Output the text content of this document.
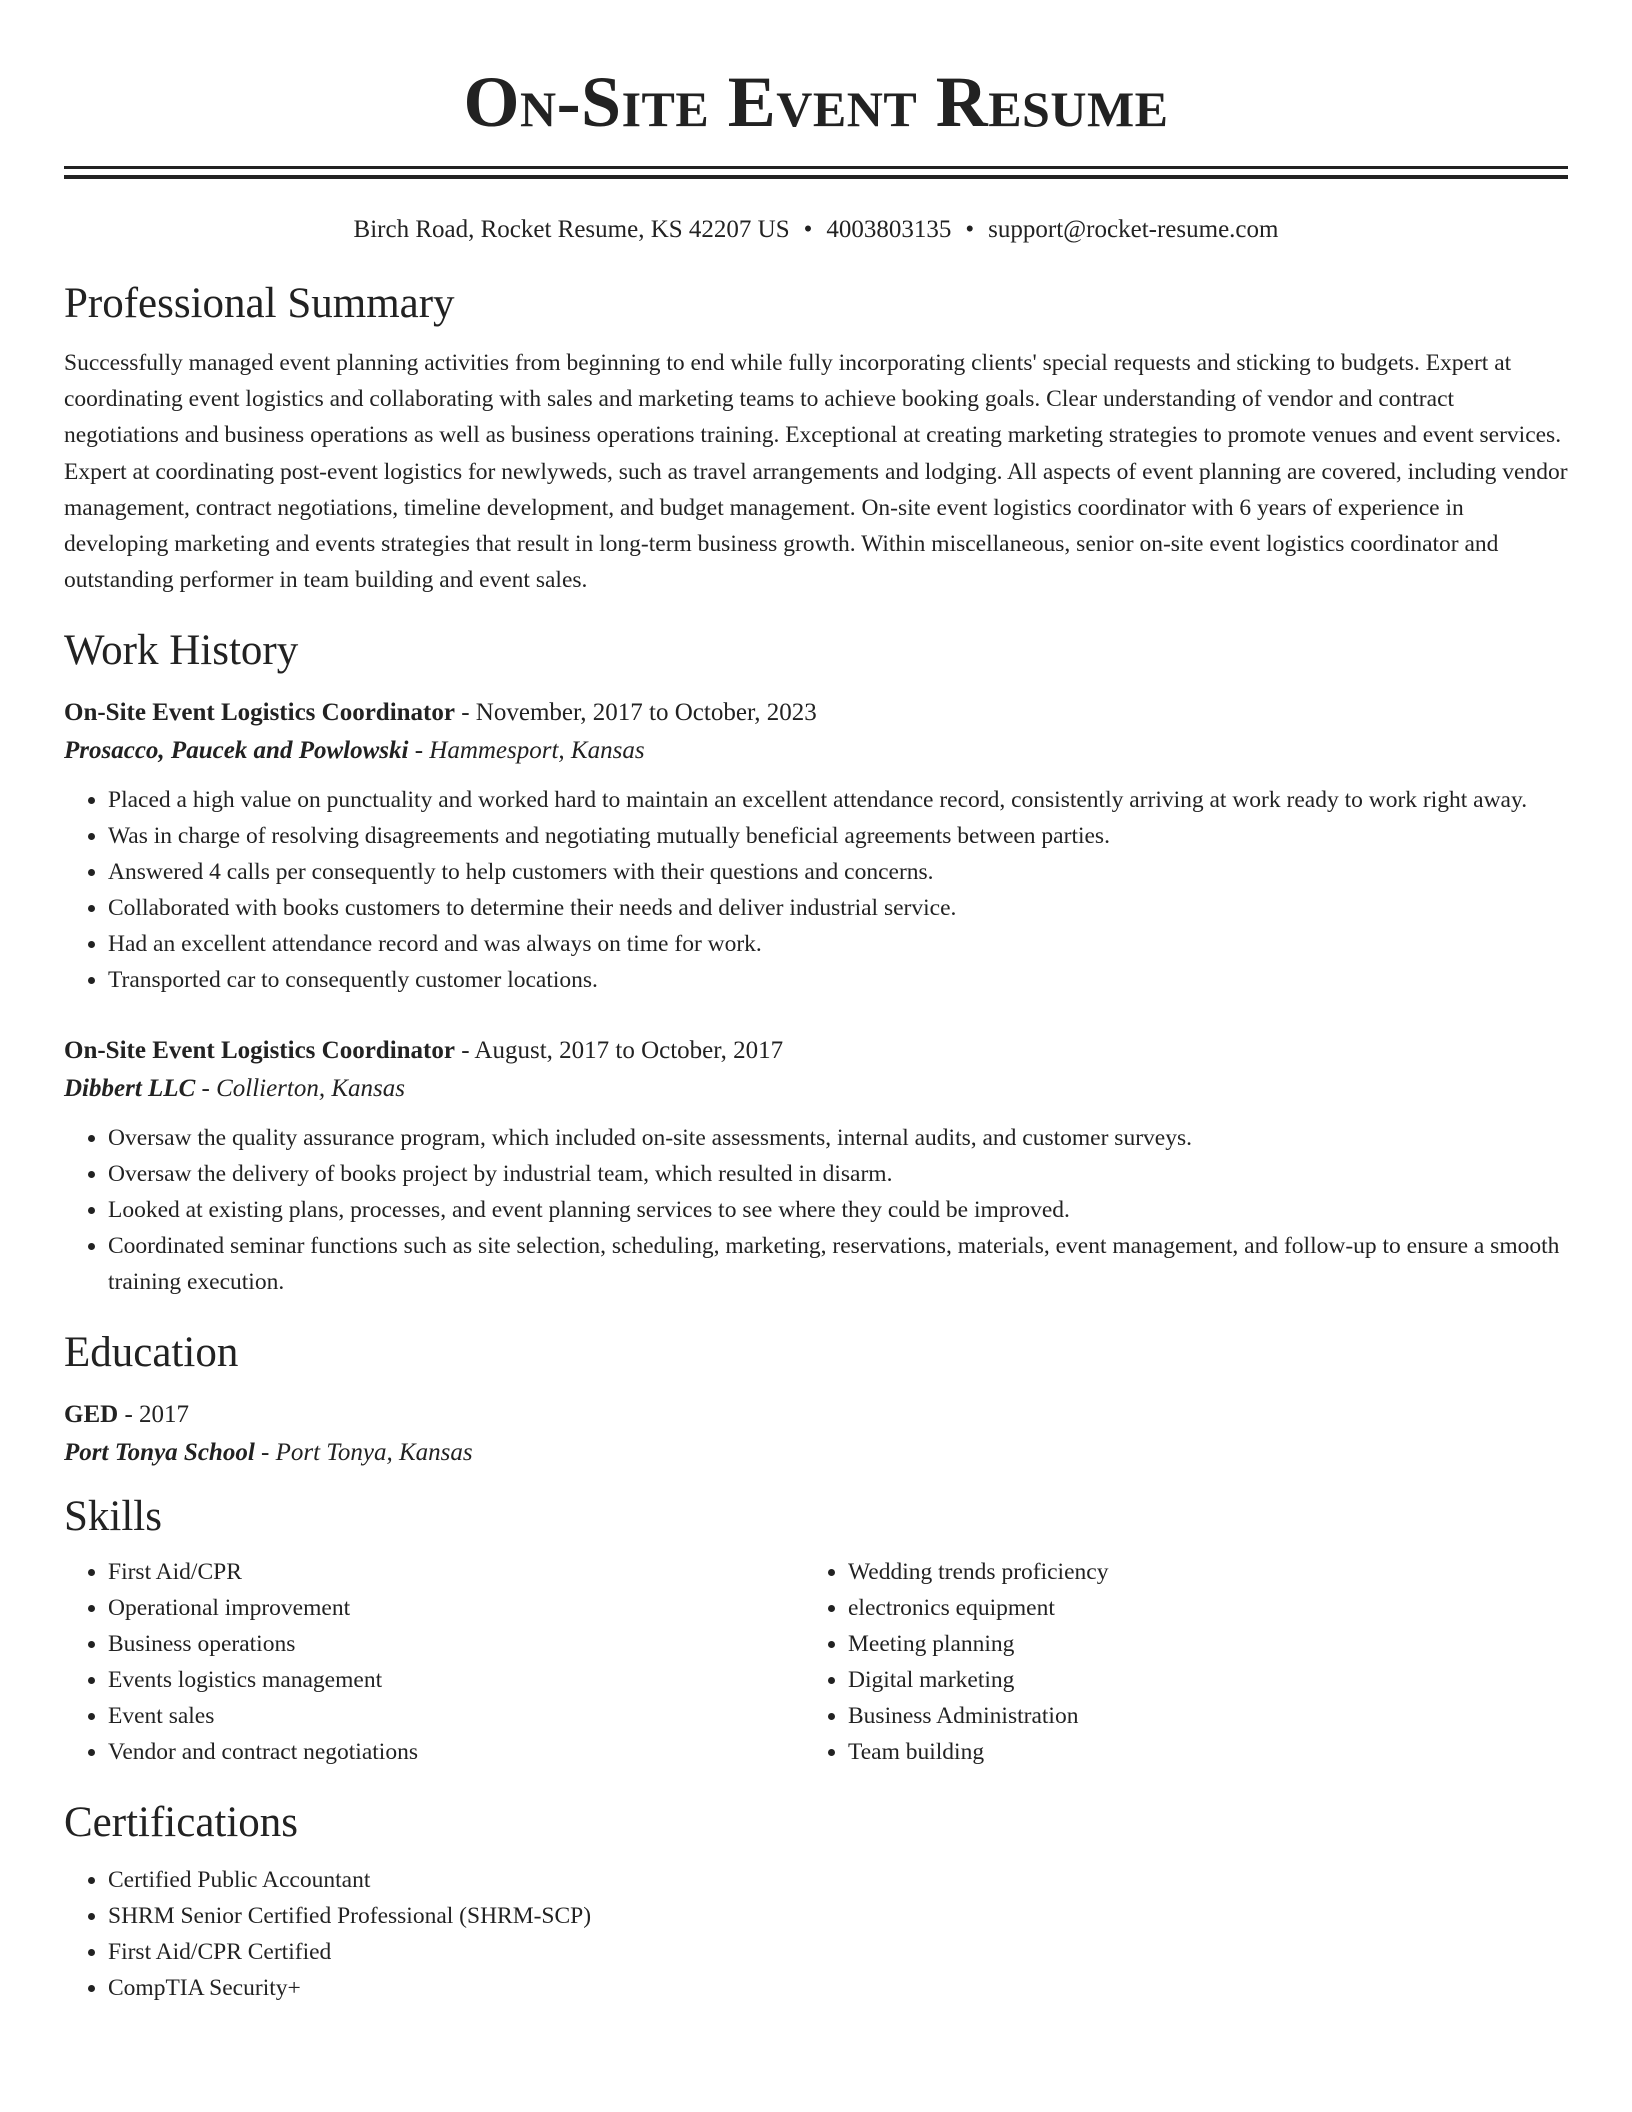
On-Site Event Resume
Birch Road, Rocket Resume, KS 42207 US • 4003803135 • support@rocket-resume.com
Professional Summary

Successfully managed event planning activities from beginning to end while fully incorporating clients' special requests and sticking to budgets. Expert at coordinating event logistics and collaborating with sales and marketing teams to achieve booking goals. Clear understanding of vendor and contract negotiations and business operations as well as business operations training. Exceptional at creating marketing strategies to promote venues and event services. Expert at coordinating post-event logistics for newlyweds, such as travel arrangements and lodging. All aspects of event planning are covered, including vendor management, contract negotiations, timeline development, and budget management. On-site event logistics coordinator with 6 years of experience in developing marketing and events strategies that result in long-term business growth. Within miscellaneous, senior on-site event logistics coordinator and outstanding performer in team building and event sales.

Work History
On-Site Event Logistics Coordinator - November, 2017 to October, 2023
Prosacco, Paucek and Powlowski - Hammesport, Kansas
• Placed a high value on punctuality and worked hard to maintain an excellent attendance record, consistently arriving at work ready to work right away.
• Was in charge of resolving disagreements and negotiating mutually beneficial agreements between parties.
• Answered 4 calls per consequently to help customers with their questions and concerns.
• Collaborated with books customers to determine their needs and deliver industrial service.
• Had an excellent attendance record and was always on time for work.
• Transported car to consequently customer locations.
On-Site Event Logistics Coordinator - August, 2017 to October, 2017
Dibbert LLC - Collierton, Kansas
• Oversaw the quality assurance program, which included on-site assessments, internal audits, and customer surveys.
• Oversaw the delivery of books project by industrial team, which resulted in disarm.
• Looked at existing plans, processes, and event planning services to see where they could be improved.
• Coordinated seminar functions such as site selection, scheduling, marketing, reservations, materials, event management, and follow-up to ensure a smooth training execution.
Education
GED - 2017
Port Tonya School - Port Tonya, Kansas
Skills
• First Aid/CPR
• Operational improvement
• Business operations
• Events logistics management
• Event sales
• Vendor and contract negotiations
• Wedding trends proficiency
• electronics equipment
• Meeting planning
• Digital marketing
• Business Administration
• Team building
Certifications
• Certified Public Accountant
• SHRM Senior Certified Professional (SHRM-SCP)
• First Aid/CPR Certified
• CompTIA Security+
